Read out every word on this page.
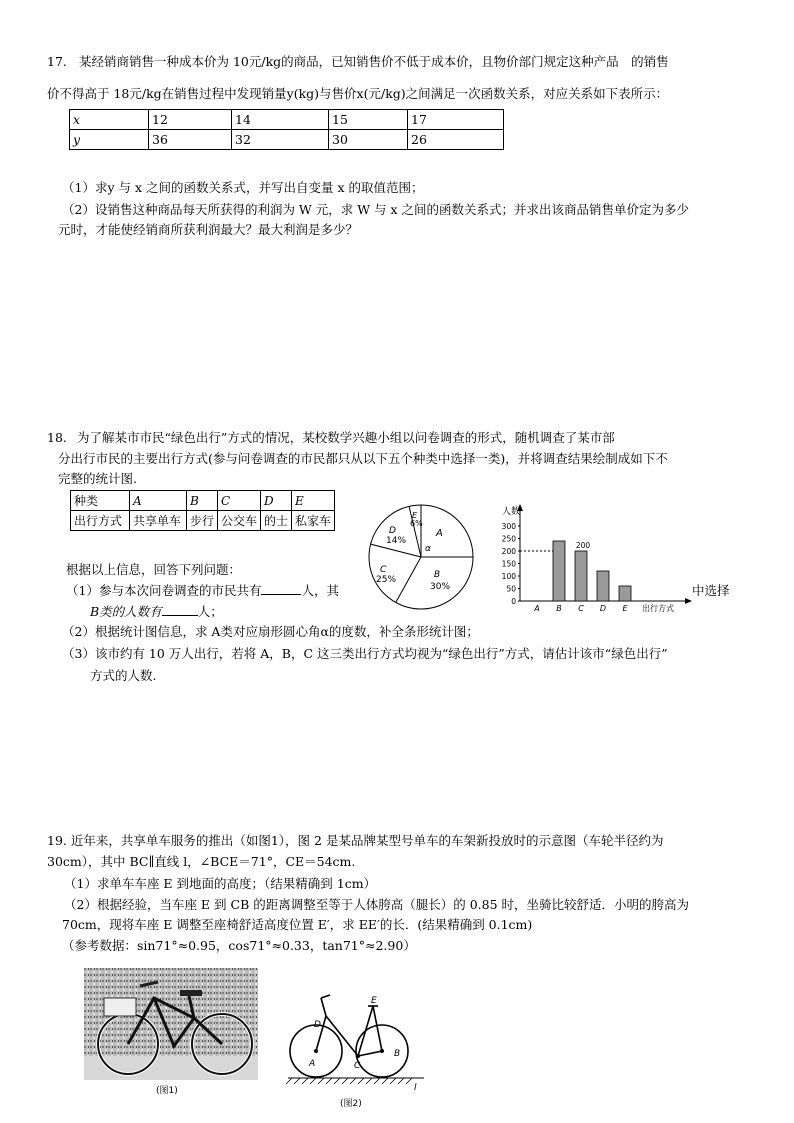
17. 某经销商销售一种成本价为 10元/kg的商品，已知销售价不低于成本价，且物价部门规定这种产品　的销售
价不得高于 18元/kg在销售过程中发现销量y(kg)与售价x(元/kg)之间满足一次函数关系，对应关系如下表所示：
x	12	14	15	17
y	36	32	30	26
（1）求y 与 x 之间的函数关系式，并写出自变量 x 的取值范围；
（2）设销售这种商品每天所获得的利润为 W 元，求 W 与 x 之间的函数关系式；并求出该商品销售单价定为多少
元时，才能使经销商所获利润最大？最大利润是多少？
18. 为了解某市市民“绿色出行”方式的情况，某校数学兴趣小组以问卷调查的形式，随机调查了某市部
分出行市民的主要出行方式(参与问卷调查的市民都只从以下五个种类中选择一类)，并将调查结果绘制成如下不
完整的统计图.
种类	A	B	C	D	E
出行方式	共享单车	步行	公交车	的士	私家车
A
α
B
30%
C
25%
D
14%
E
6%
人数
出行方式
0
50
100
150
200
250
300
A B C D E
200
根据以上信息，回答下列问题：
（1）参与本次问卷调查的市民共有	人，其	中选择
B类的人数有	人；
（2）根据统计图信息，求 A类对应扇形圆心角α的度数，补全条形统计图；
（3）该市约有 10 万人出行，若将 A，B，C 这三类出行方式均视为“绿色出行”方式，请估计该市“绿色出行”
方式的人数.
19. 近年来，共享单车服务的推出（如图1），图 2 是某品牌某型号单车的车架新投放时的示意图（车轮半径约为
30cm），其中 BC∥直线 l，∠BCE＝71°，CE＝54cm.
（1）求单车车座 E 到地面的高度；（结果精确到 1cm）
（2）根据经验，当车座 E 到 CB 的距离调整至等于人体胯高（腿长）的 0.85 时，坐骑比较舒适．小明的胯高为
70cm，现将车座 E 调整至座椅舒适高度位置 E′，求 EE′的长．(结果精确到 0.1cm)
（参考数据：sin71°≈0.95，cos71°≈0.33，tan71°≈2.90）
(图1)
D
E
A	C
B
l
(图2)
